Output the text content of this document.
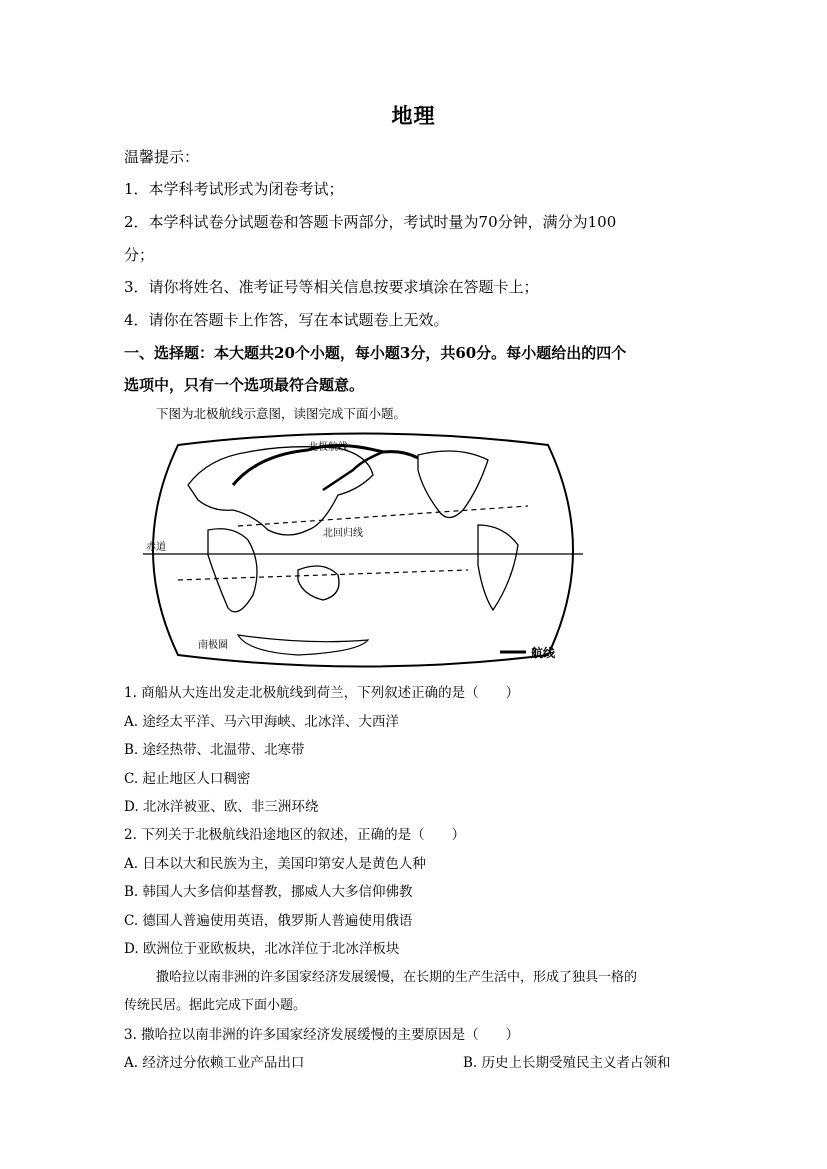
地理
温馨提示：
1．本学科考试形式为闭卷考试；
2．本学科试卷分试题卷和答题卡两部分，考试时量为70分钟，满分为100
分；
3．请你将姓名、准考证号等相关信息按要求填涂在答题卡上；
4．请你在答题卡上作答，写在本试题卷上无效。
一、选择题：本大题共20个小题，每小题3分，共60分。每小题给出的四个
选项中，只有一个选项最符合题意。
下图为北极航线示意图，读图完成下面小题。
北极航线
北回归线
赤道
南极圈
航线
1. 商船从大连出发走北极航线到荷兰，下列叙述正确的是（　　）
A. 途经太平洋、马六甲海峡、北冰洋、大西洋
B. 途经热带、北温带、北寒带
C. 起止地区人口稠密
D. 北冰洋被亚、欧、非三洲环绕
2. 下列关于北极航线沿途地区的叙述，正确的是（　　）
A. 日本以大和民族为主，美国印第安人是黄色人种
B. 韩国人大多信仰基督教，挪威人大多信仰佛教
C. 德国人普遍使用英语，俄罗斯人普遍使用俄语
D. 欧洲位于亚欧板块，北冰洋位于北冰洋板块
撒哈拉以南非洲的许多国家经济发展缓慢，在长期的生产生活中，形成了独具一格的
传统民居。据此完成下面小题。
3. 撒哈拉以南非洲的许多国家经济发展缓慢的主要原因是（　　）
A. 经济过分依赖工业产品出口	B. 历史上长期受殖民主义者占领和
